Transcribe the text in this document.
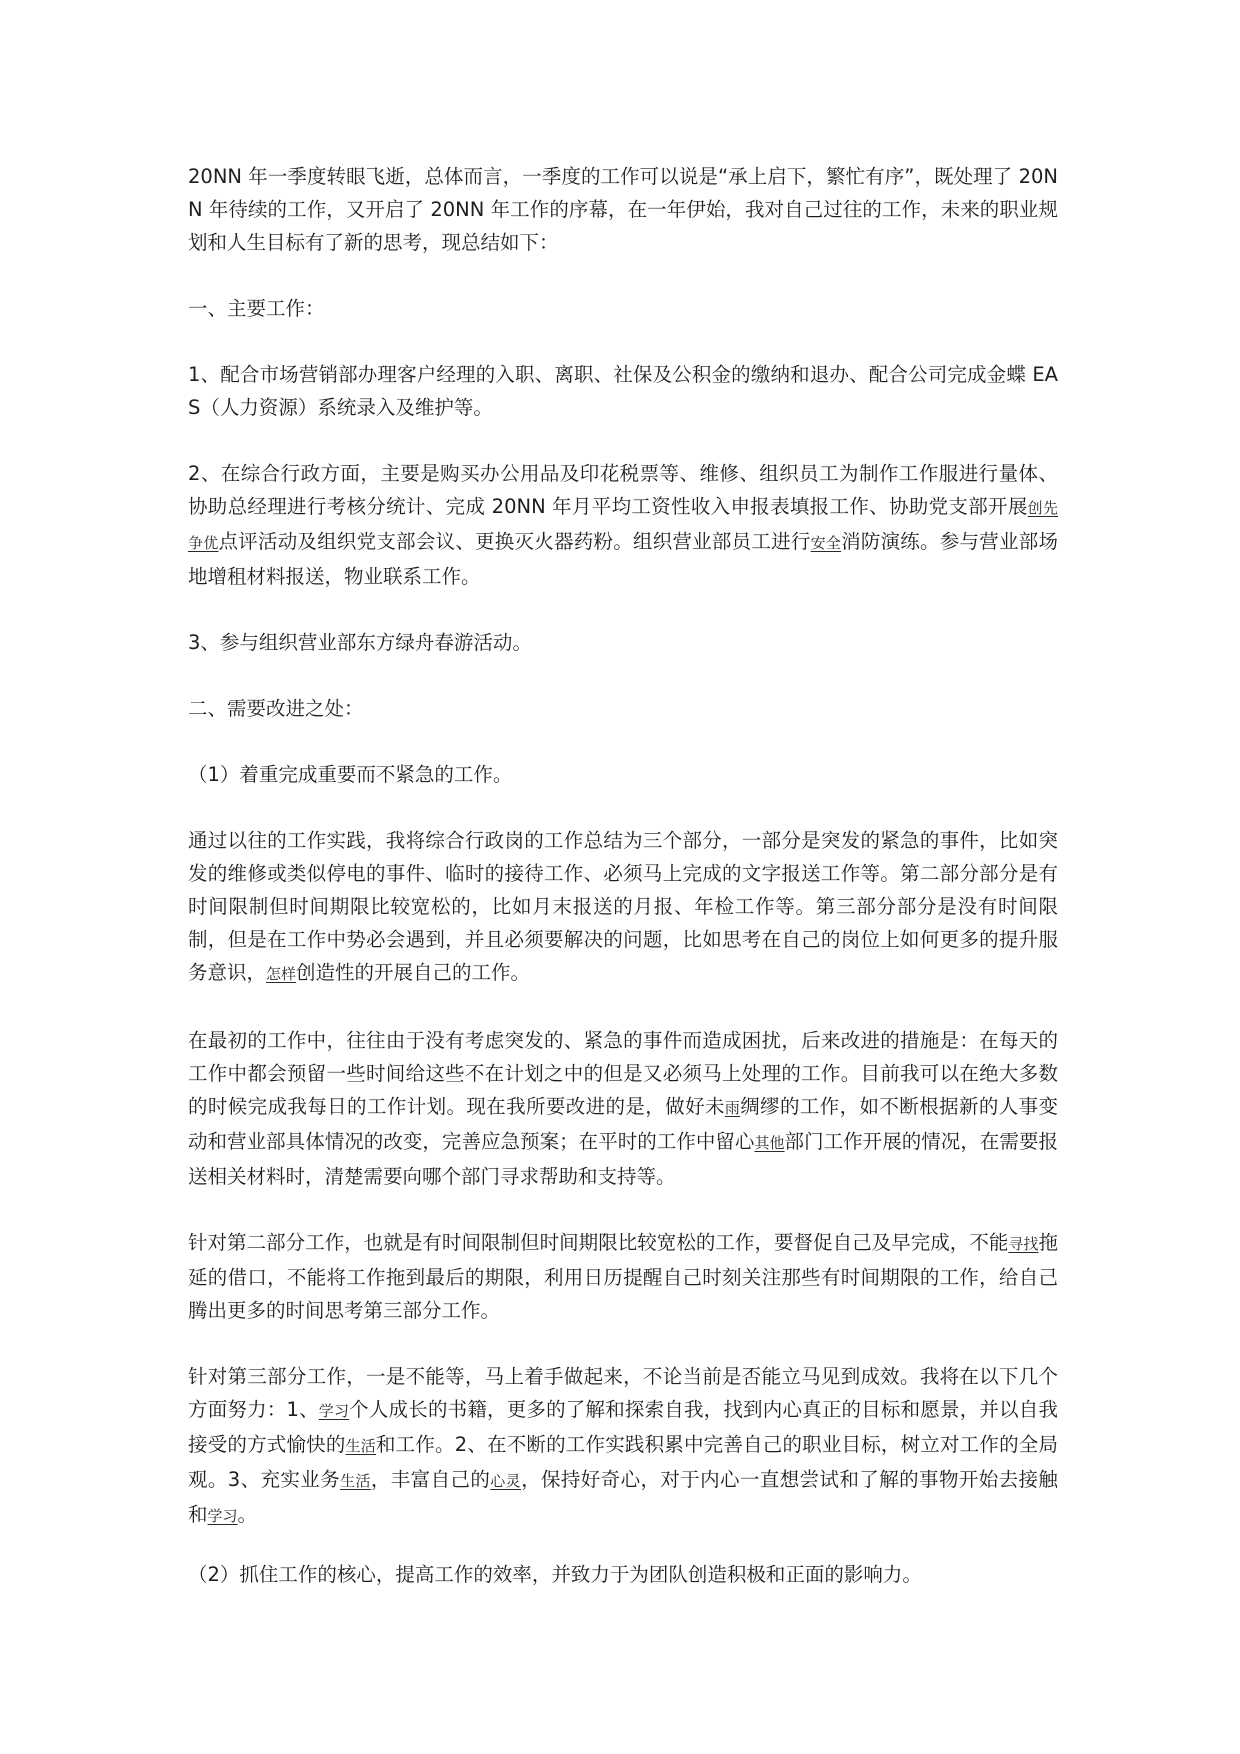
20NN 年一季度转眼飞逝，总体而言，一季度的工作可以说是“承上启下，繁忙有序”，既处理了 20NN 年待续的工作，又开启了 20NN 年工作的序幕，在一年伊始，我对自己过往的工作，未来的职业规划和人生目标有了新的思考，现总结如下：

一、主要工作：

1、配合市场营销部办理客户经理的入职、离职、社保及公积金的缴纳和退办、配合公司完成金蝶 EAS（人力资源）系统录入及维护等。

2、在综合行政方面，主要是购买办公用品及印花税票等、维修、组织员工为制作工作服进行量体、协助总经理进行考核分统计、完成 20NN 年月平均工资性收入申报表填报工作、协助党支部开展创先争优点评活动及组织党支部会议、更换灭火器药粉。组织营业部员工进行安全消防演练。参与营业部场地增租材料报送，物业联系工作。

3、参与组织营业部东方绿舟春游活动。

二、需要改进之处：

（1）着重完成重要而不紧急的工作。

通过以往的工作实践，我将综合行政岗的工作总结为三个部分，一部分是突发的紧急的事件，比如突发的维修或类似停电的事件、临时的接待工作、必须马上完成的文字报送工作等。第二部分部分是有时间限制但时间期限比较宽松的，比如月末报送的月报、年检工作等。第三部分部分是没有时间限制，但是在工作中势必会遇到，并且必须要解决的问题，比如思考在自己的岗位上如何更多的提升服务意识，怎样创造性的开展自己的工作。

在最初的工作中，往往由于没有考虑突发的、紧急的事件而造成困扰，后来改进的措施是：在每天的工作中都会预留一些时间给这些不在计划之中的但是又必须马上处理的工作。目前我可以在绝大多数的时候完成我每日的工作计划。现在我所要改进的是，做好未雨绸缪的工作，如不断根据新的人事变动和营业部具体情况的改变，完善应急预案；在平时的工作中留心其他部门工作开展的情况，在需要报送相关材料时，清楚需要向哪个部门寻求帮助和支持等。

针对第二部分工作，也就是有时间限制但时间期限比较宽松的工作，要督促自己及早完成，不能寻找拖延的借口，不能将工作拖到最后的期限，利用日历提醒自己时刻关注那些有时间期限的工作，给自己腾出更多的时间思考第三部分工作。

针对第三部分工作，一是不能等，马上着手做起来，不论当前是否能立马见到成效。我将在以下几个方面努力：1、学习个人成长的书籍，更多的了解和探索自我，找到内心真正的目标和愿景，并以自我接受的方式愉快的生活和工作。2、在不断的工作实践积累中完善自己的职业目标，树立对工作的全局观。3、充实业务生活，丰富自己的心灵，保持好奇心，对于内心一直想尝试和了解的事物开始去接触和学习。

（2）抓住工作的核心，提高工作的效率，并致力于为团队创造积极和正面的影响力。
